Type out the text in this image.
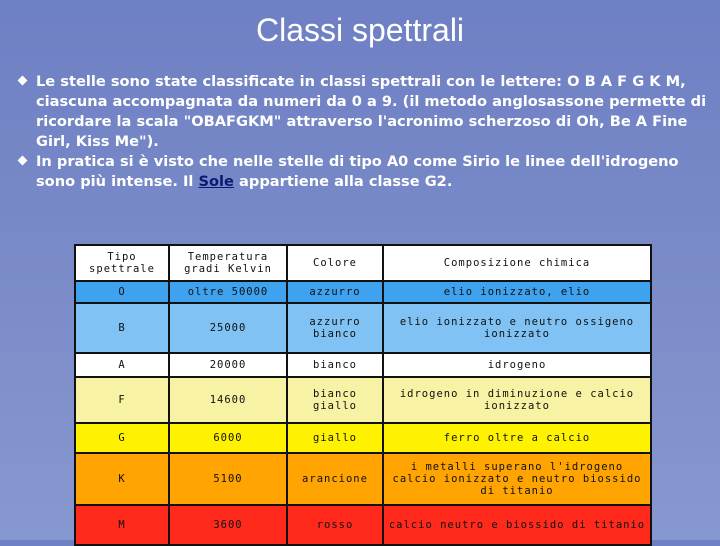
Classi spettrali
Le stelle sono state classificate in classi spettrali con le lettere: O B A F G K M, ciascuna accompagnata da numeri da 0 a 9. (il metodo anglosassone permette di ricordare la scala "OBAFGKM" attraverso l'acronimo scherzoso di Oh, Be A Fine Girl, Kiss Me").
In pratica si è visto che nelle stelle di tipo A0 come Sirio le linee dell'idrogeno sono più intense. Il Sole appartiene alla classe G2.
Tipo spettrale	Temperatura gradi Kelvin	Colore	Composizione chimica
O	oltre 50000	azzurro	elio ionizzato, elio
B	25000	azzurro bianco	elio ionizzato e neutro ossigeno ionizzato
A	20000	bianco	idrogeno
F	14600	bianco giallo	idrogeno in diminuzione e calcio ionizzato
G	6000	giallo	ferro oltre a calcio
K	5100	arancione	i metalli superano l'idrogeno calcio ionizzato e neutro biossido di titanio
M	3600	rosso	calcio neutro e biossido di titanio
